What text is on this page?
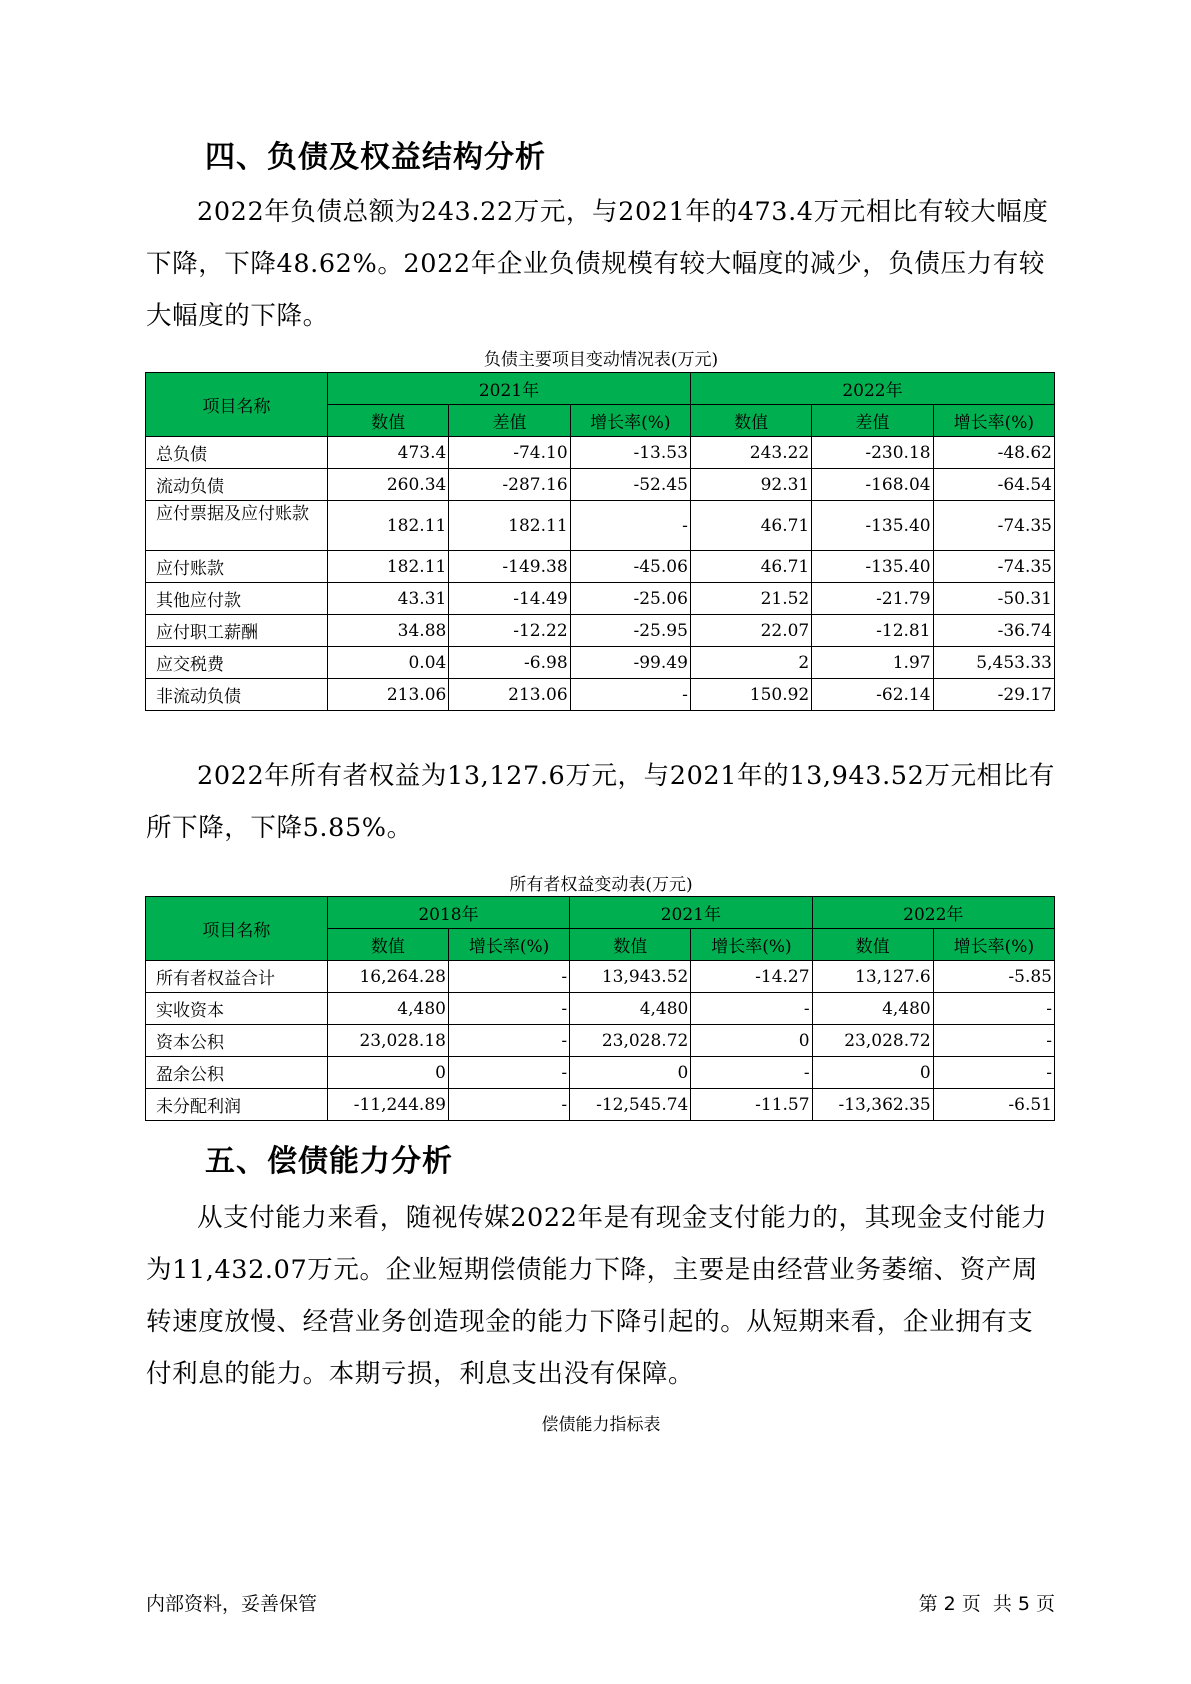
四、负债及权益结构分析

2022年负债总额为243.22万元，与2021年的473.4万元相比有较大幅度下降，下降48.62%。2022年企业负债规模有较大幅度的减少，负债压力有较大幅度的下降。

负债主要项目变动情况表(万元)
项目名称	2021年			2022年		
	数值	差值	增长率(%)	数值	差值	增长率(%)
总负债	473.4	-74.10	-13.53	243.22	-230.18	-48.62
流动负债	260.34	-287.16	-52.45	92.31	-168.04	-64.54
应付票据及应付账款	182.11	182.11	-	46.71	-135.40	-74.35
应付账款	182.11	-149.38	-45.06	46.71	-135.40	-74.35
其他应付款	43.31	-14.49	-25.06	21.52	-21.79	-50.31
应付职工薪酬	34.88	-12.22	-25.95	22.07	-12.81	-36.74
应交税费	0.04	-6.98	-99.49	2	1.97	5,453.33
非流动负债	213.06	213.06	-	150.92	-62.14	-29.17

2022年所有者权益为13,127.6万元，与2021年的13,943.52万元相比有所下降，下降5.85%。

所有者权益变动表(万元)
项目名称	2018年		2021年		2022年	
	数值	增长率(%)	数值	增长率(%)	数值	增长率(%)
所有者权益合计	16,264.28	-	13,943.52	-14.27	13,127.6	-5.85
实收资本	4,480	-	4,480	-	4,480	-
资本公积	23,028.18	-	23,028.72	0	23,028.72	-
盈余公积	0	-	0	-	0	-
未分配利润	-11,244.89	-	-12,545.74	-11.57	-13,362.35	-6.51
五、偿债能力分析

从支付能力来看，随视传媒2022年是有现金支付能力的，其现金支付能力为11,432.07万元。企业短期偿债能力下降，主要是由经营业务萎缩、资产周转速度放慢、经营业务创造现金的能力下降引起的。从短期来看，企业拥有支付利息的能力。本期亏损，利息支出没有保障。

偿债能力指标表
内部资料，妥善保管	第 2 页  共 5 页
